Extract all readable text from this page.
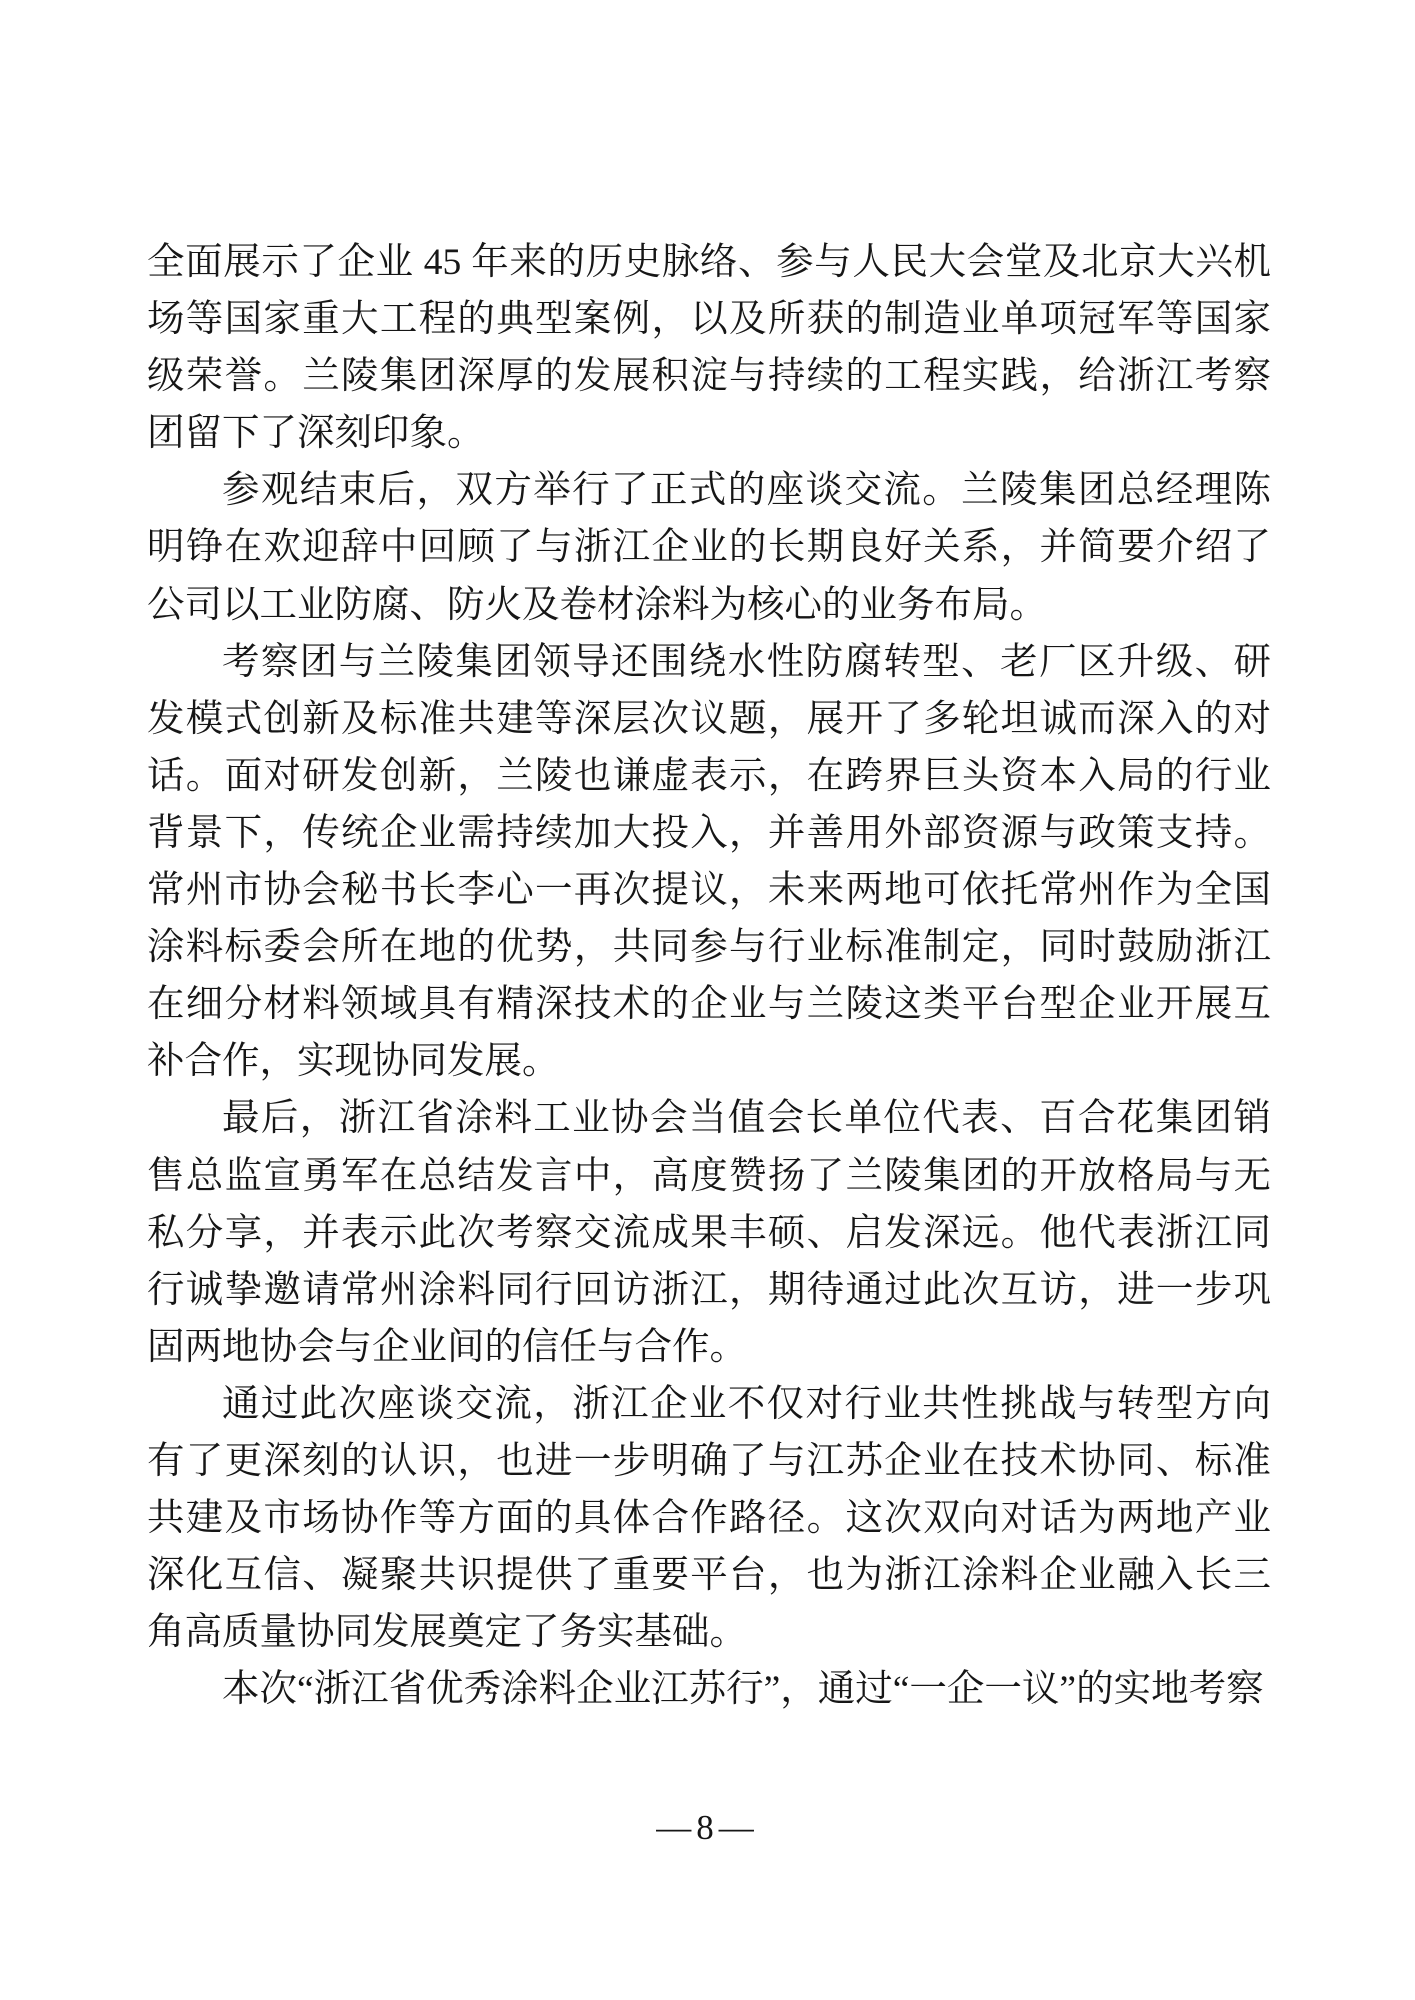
全面展示了企业 45 年来的历史脉络、参与人民大会堂及北京大兴机场等国家重大工程的典型案例，以及所获的制造业单项冠军等国家级荣誉。兰陵集团深厚的发展积淀与持续的工程实践，给浙江考察团留下了深刻印象。

参观结束后，双方举行了正式的座谈交流。兰陵集团总经理陈明铮在欢迎辞中回顾了与浙江企业的长期良好关系，并简要介绍了公司以工业防腐、防火及卷材涂料为核心的业务布局。

考察团与兰陵集团领导还围绕水性防腐转型、老厂区升级、研发模式创新及标准共建等深层次议题，展开了多轮坦诚而深入的对话。面对研发创新，兰陵也谦虚表示，在跨界巨头资本入局的行业背景下，传统企业需持续加大投入，并善用外部资源与政策支持。常州市协会秘书长李心一再次提议，未来两地可依托常州作为全国涂料标委会所在地的优势，共同参与行业标准制定，同时鼓励浙江在细分材料领域具有精深技术的企业与兰陵这类平台型企业开展互补合作，实现协同发展。

最后，浙江省涂料工业协会当值会长单位代表、百合花集团销售总监宣勇军在总结发言中，高度赞扬了兰陵集团的开放格局与无私分享，并表示此次考察交流成果丰硕、启发深远。他代表浙江同行诚挚邀请常州涂料同行回访浙江，期待通过此次互访，进一步巩固两地协会与企业间的信任与合作。

通过此次座谈交流，浙江企业不仅对行业共性挑战与转型方向有了更深刻的认识，也进一步明确了与江苏企业在技术协同、标准共建及市场协作等方面的具体合作路径。这次双向对话为两地产业深化互信、凝聚共识提供了重要平台，也为浙江涂料企业融入长三角高质量协同发展奠定了务实基础。

本次“浙江省优秀涂料企业江苏行”，通过“一企一议”的实地考察

—8—
